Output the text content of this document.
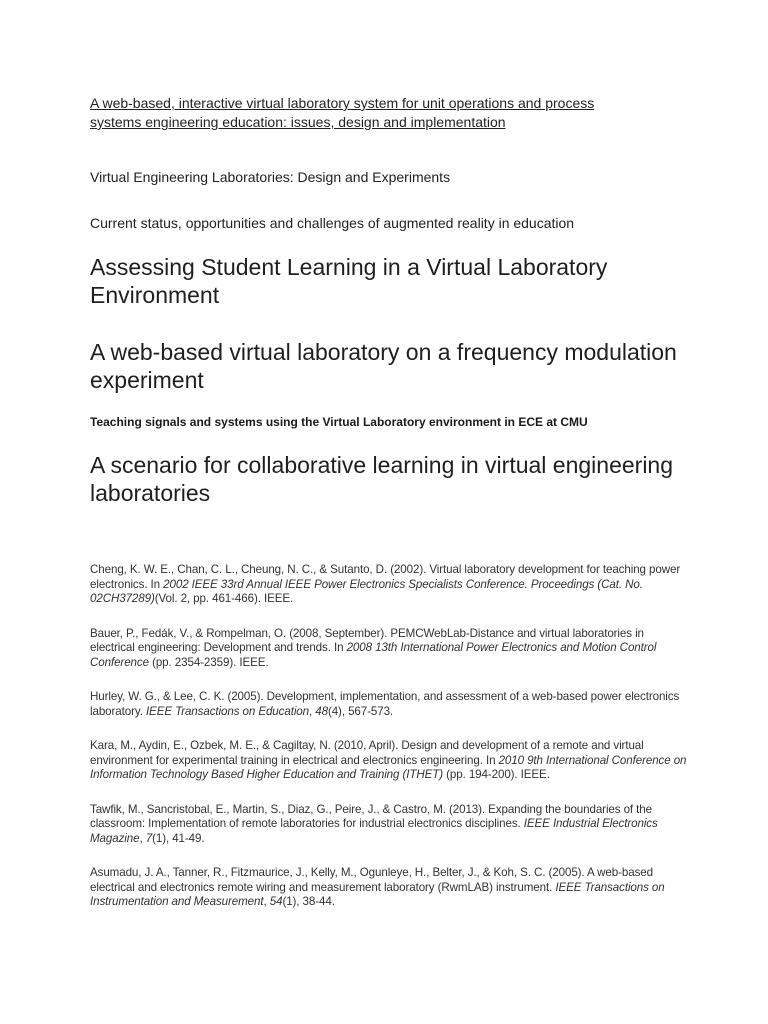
A web-based, interactive virtual laboratory system for unit operations and process systems engineering education: issues, design and implementation

Virtual Engineering Laboratories: Design and Experiments

Current status, opportunities and challenges of augmented reality in education

Assessing Student Learning in a Virtual Laboratory Environment
A web-based virtual laboratory on a frequency modulation experiment

Teaching signals and systems using the Virtual Laboratory environment in ECE at CMU

A scenario for collaborative learning in virtual engineering laboratories
Cheng, K. W. E., Chan, C. L., Cheung, N. C., & Sutanto, D. (2002). Virtual laboratory development for teaching power electronics. In 2002 IEEE 33rd Annual IEEE Power Electronics Specialists Conference. Proceedings (Cat. No. 02CH37289)(Vol. 2, pp. 461-466). IEEE.
Bauer, P., Fedák, V., & Rompelman, O. (2008, September). PEMCWebLab-Distance and virtual laboratories in electrical engineering: Development and trends. In 2008 13th International Power Electronics and Motion Control Conference (pp. 2354-2359). IEEE.
Hurley, W. G., & Lee, C. K. (2005). Development, implementation, and assessment of a web-based power electronics laboratory. IEEE Transactions on Education, 48(4), 567-573.
Kara, M., Aydin, E., Ozbek, M. E., & Cagiltay, N. (2010, April). Design and development of a remote and virtual environment for experimental training in electrical and electronics engineering. In 2010 9th International Conference on Information Technology Based Higher Education and Training (ITHET) (pp. 194-200). IEEE.
Tawfik, M., Sancristobal, E., Martin, S., Diaz, G., Peire, J., & Castro, M. (2013). Expanding the boundaries of the classroom: Implementation of remote laboratories for industrial electronics disciplines. IEEE Industrial Electronics Magazine, 7(1), 41-49.
Asumadu, J. A., Tanner, R., Fitzmaurice, J., Kelly, M., Ogunleye, H., Belter, J., & Koh, S. C. (2005). A web-based electrical and electronics remote wiring and measurement laboratory (RwmLAB) instrument. IEEE Transactions on Instrumentation and Measurement, 54(1), 38-44.
